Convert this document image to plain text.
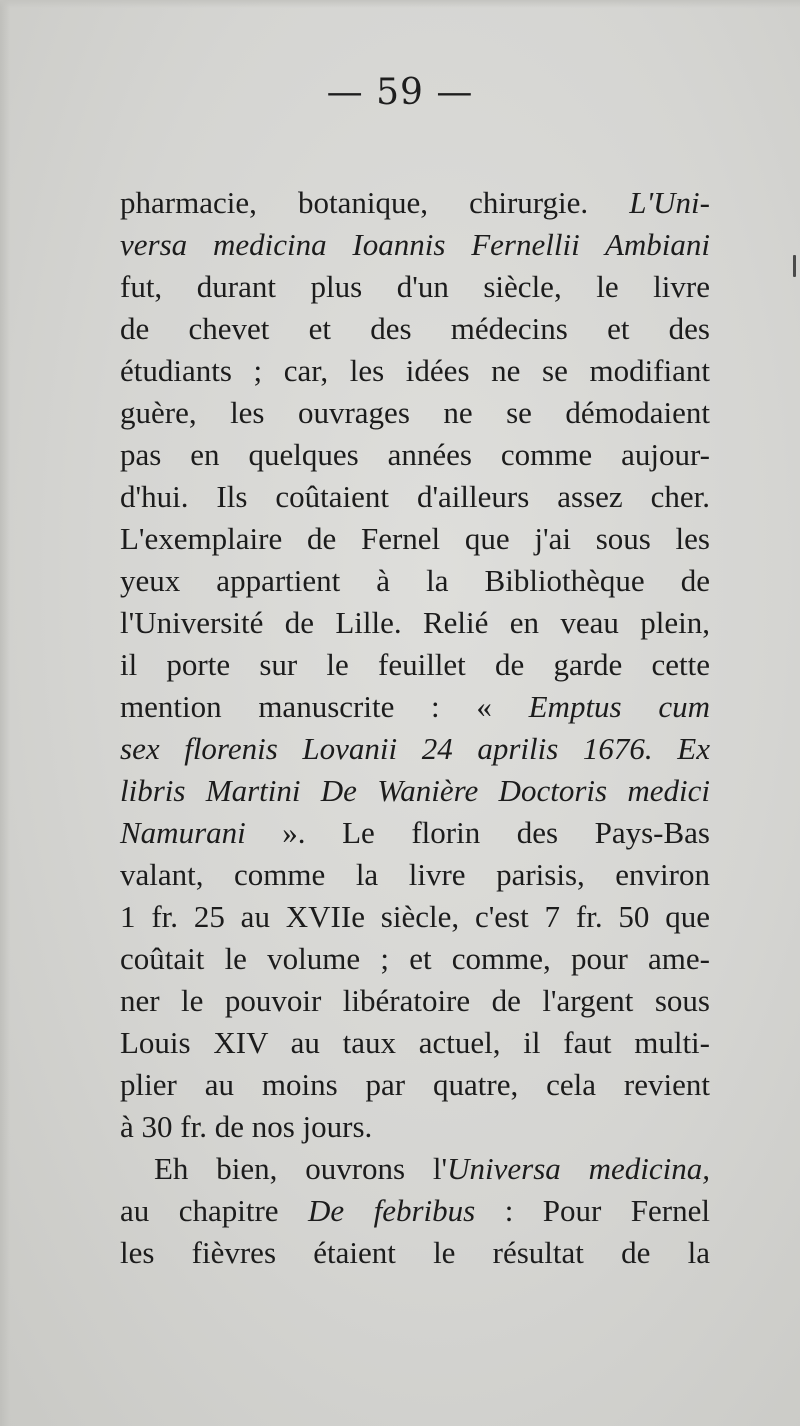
— 59 —
pharmacie, botanique, chirurgie. L'Uni-
versa medicina Ioannis Fernellii Ambiani
fut, durant plus d'un siècle, le livre
de chevet et des médecins et des
étudiants ; car, les idées ne se modifiant
guère, les ouvrages ne se démodaient
pas en quelques années comme aujour-
d'hui. Ils coûtaient d'ailleurs assez cher.
L'exemplaire de Fernel que j'ai sous les
yeux appartient à la Bibliothèque de
l'Université de Lille. Relié en veau plein,
il porte sur le feuillet de garde cette
mention manuscrite : « Emptus cum
sex florenis Lovanii 24 aprilis 1676. Ex
libris Martini De Wanière Doctoris medici
Namurani ». Le florin des Pays-Bas
valant, comme la livre parisis, environ
1 fr. 25 au XVIIe siècle, c'est 7 fr. 50 que
coûtait le volume ; et comme, pour ame-
ner le pouvoir libératoire de l'argent sous
Louis XIV au taux actuel, il faut multi-
plier au moins par quatre, cela revient
à 30 fr. de nos jours.
Eh bien, ouvrons l'Universa medicina,
au chapitre De febribus : Pour Fernel
les fièvres étaient le résultat de la
